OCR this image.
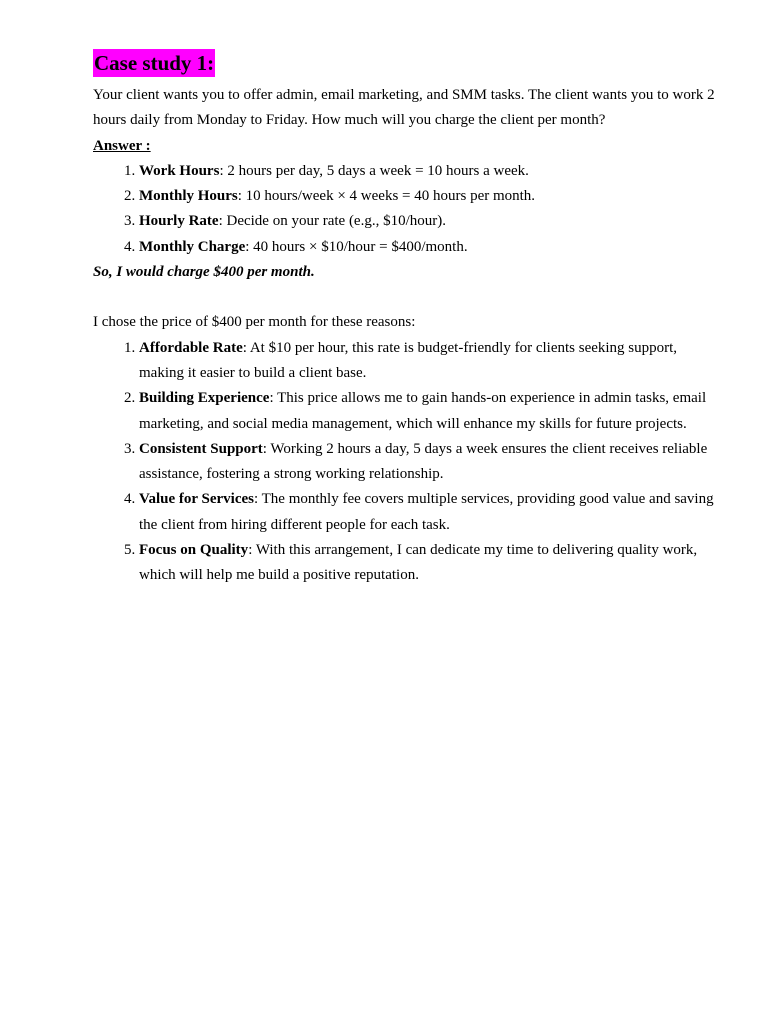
Case study 1:

Your client wants you to offer admin, email marketing, and SMM tasks. The client wants you to work 2 hours daily from Monday to Friday. How much will you charge the client per month?

Answer :

1. Work Hours: 2 hours per day, 5 days a week = 10 hours a week.
2. Monthly Hours: 10 hours/week × 4 weeks = 40 hours per month.
3. Hourly Rate: Decide on your rate (e.g., $10/hour).
4. Monthly Charge: 40 hours × $10/hour = $400/month.

So, I would charge $400 per month.

I chose the price of $400 per month for these reasons:

1. Affordable Rate: At $10 per hour, this rate is budget-friendly for clients seeking support, making it easier to build a client base.
2. Building Experience: This price allows me to gain hands-on experience in admin tasks, email marketing, and social media management, which will enhance my skills for future projects.
3. Consistent Support: Working 2 hours a day, 5 days a week ensures the client receives reliable assistance, fostering a strong working relationship.
4. Value for Services: The monthly fee covers multiple services, providing good value and saving the client from hiring different people for each task.
5. Focus on Quality: With this arrangement, I can dedicate my time to delivering quality work, which will help me build a positive reputation.
